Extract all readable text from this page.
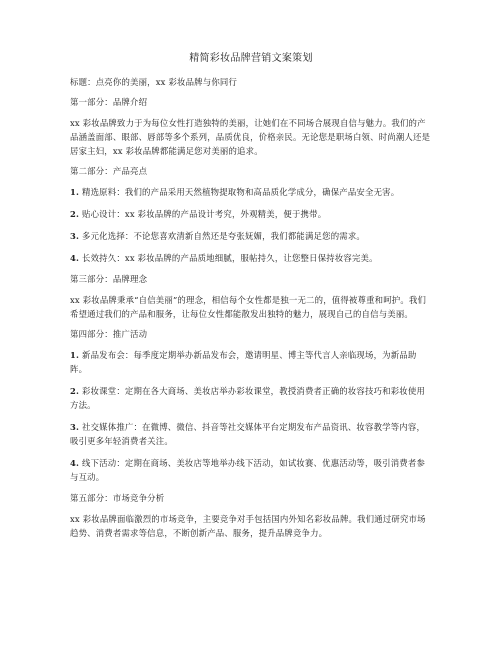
精简彩妆品牌营销文案策划
标题：点亮你的美丽，xx 彩妆品牌与你同行
第一部分：品牌介绍
xx 彩妆品牌致力于为每位女性打造独特的美丽，让她们在不同场合展现自信与魅力。我们的产品涵盖面部、眼部、唇部等多个系列，品质优良，价格亲民。无论您是职场白领、时尚潮人还是居家主妇，xx 彩妆品牌都能满足您对美丽的追求。
第二部分：产品亮点
1. 精选原料：我们的产品采用天然植物提取物和高品质化学成分，确保产品安全无害。
2. 贴心设计：xx 彩妆品牌的产品设计考究，外观精美，便于携带。
3. 多元化选择：不论您喜欢清新自然还是夸张妩媚，我们都能满足您的需求。
4. 长效持久：xx 彩妆品牌的产品质地细腻，服帖持久，让您整日保持妆容完美。
第三部分：品牌理念
xx 彩妆品牌秉承“自信美丽”的理念，相信每个女性都是独一无二的，值得被尊重和呵护。我们希望通过我们的产品和服务，让每位女性都能散发出独特的魅力，展现自己的自信与美丽。
第四部分：推广活动
1. 新品发布会：每季度定期举办新品发布会，邀请明星、博主等代言人亲临现场，为新品助阵。
2. 彩妆课堂：定期在各大商场、美妆店举办彩妆课堂，教授消费者正确的妆容技巧和彩妆使用方法。
3. 社交媒体推广：在微博、微信、抖音等社交媒体平台定期发布产品资讯、妆容教学等内容，吸引更多年轻消费者关注。
4. 线下活动：定期在商场、美妆店等地举办线下活动，如试妆赛、优惠活动等，吸引消费者参与互动。
第五部分：市场竞争分析
xx 彩妆品牌面临激烈的市场竞争，主要竞争对手包括国内外知名彩妆品牌。我们通过研究市场趋势、消费者需求等信息，不断创新产品、服务，提升品牌竞争力。
